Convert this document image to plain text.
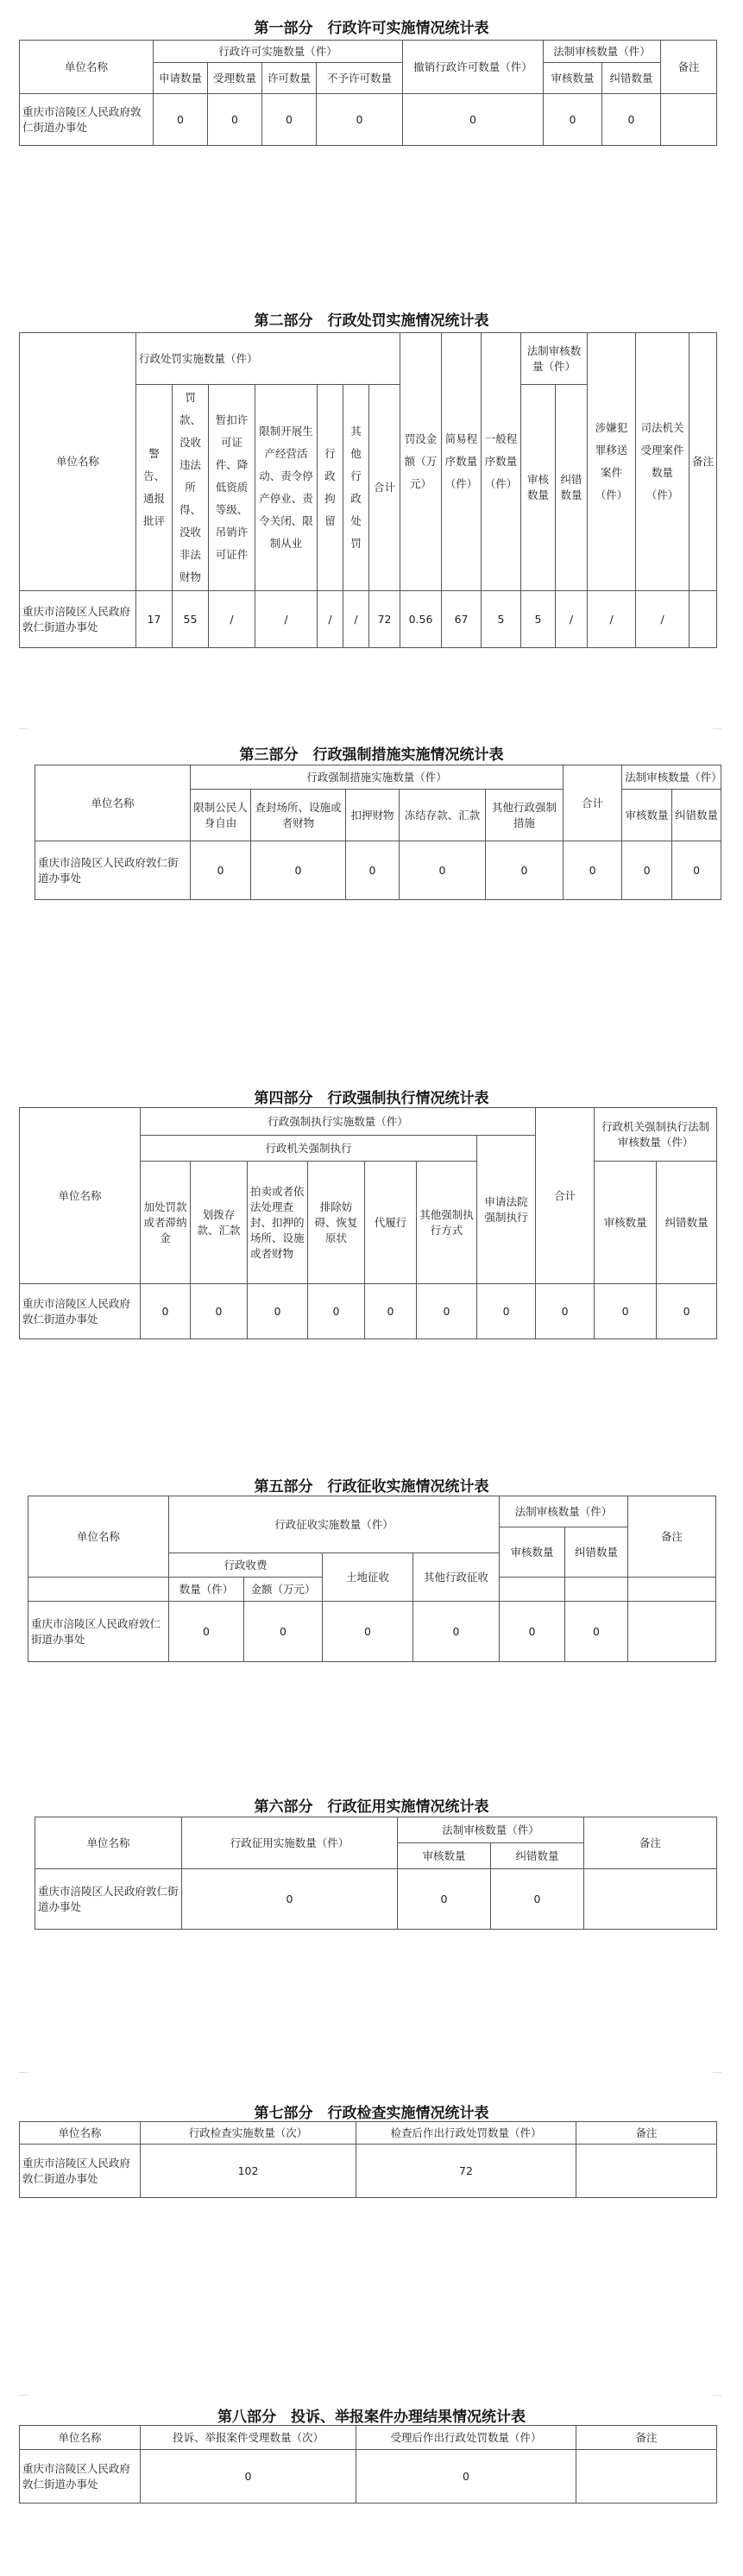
第一部分　行政许可实施情况统计表
单位名称	行政许可实施数量（件）				撤销行政许可数量（件）	法制审核数量（件）		备注
	申请数量	受理数量	许可数量	不予许可数量		审核数量	纠错数量	
重庆市涪陵区人民政府敦仁街道办事处	0	0	0	0	0	0	0	
第二部分　行政处罚实施情况统计表
单位名称	行政处罚实施数量（件）							罚没金额（万元）	简易程序数量（件）	一般程序数量（件）	法制审核数量（件）		涉嫌犯罪移送案件（件）	司法机关受理案件数量（件）	备注
	警告、通报批评	罚款、没收违法所得、没收非法财物	暂扣许可证件、降低资质等级、吊销许可证件	限制开展生产经营活动、责令停产停业、责令关闭、限制从业	行政拘留	其他行政处罚	合计				审核数量	纠错数量			
重庆市涪陵区人民政府敦仁街道办事处	17	55	/	/	/	/	72	0.56	67	5	5	/	/	/	
第三部分　行政强制措施实施情况统计表
单位名称	行政强制措施实施数量（件）					合计	法制审核数量（件）	
	限制公民人身自由	查封场所、设施或者财物	扣押财物	冻结存款、汇款	其他行政强制措施		审核数量	纠错数量
重庆市涪陵区人民政府敦仁街道办事处	0	0	0	0	0	0	0	0
第四部分　行政强制执行情况统计表
单位名称	行政强制执行实施数量（件）							合计	行政机关强制执行法制审核数量（件）	
	行政机关强制执行						申请法院强制执行			
	加处罚款或者滞纳金	划拨存款、汇款	拍卖或者依法处理查封、扣押的场所、设施或者财物	排除妨碍、恢复原状	代履行	其他强制执行方式			审核数量	纠错数量
重庆市涪陵区人民政府敦仁街道办事处	0	0	0	0	0	0	0	0	0	0
第五部分　行政征收实施情况统计表
单位名称	行政征收实施数量（件）				法制审核数量（件）		备注
					审核数量	纠错数量	
	行政收费		土地征收	其他行政征收			
	数量（件）	金额（万元）					
重庆市涪陵区人民政府敦仁街道办事处	0	0	0	0	0	0	
第六部分　行政征用实施情况统计表
单位名称	行政征用实施数量（件）	法制审核数量（件）		备注
		审核数量	纠错数量	
重庆市涪陵区人民政府敦仁街道办事处	0	0	0	
第七部分　行政检查实施情况统计表
单位名称	行政检查实施数量（次）	检查后作出行政处罚数量（件）	备注
重庆市涪陵区人民政府敦仁街道办事处	102	72	
第八部分　投诉、举报案件办理结果情况统计表
单位名称	投诉、举报案件受理数量（次）	受理后作出行政处罚数量（件）	备注
重庆市涪陵区人民政府敦仁街道办事处	0	0	
